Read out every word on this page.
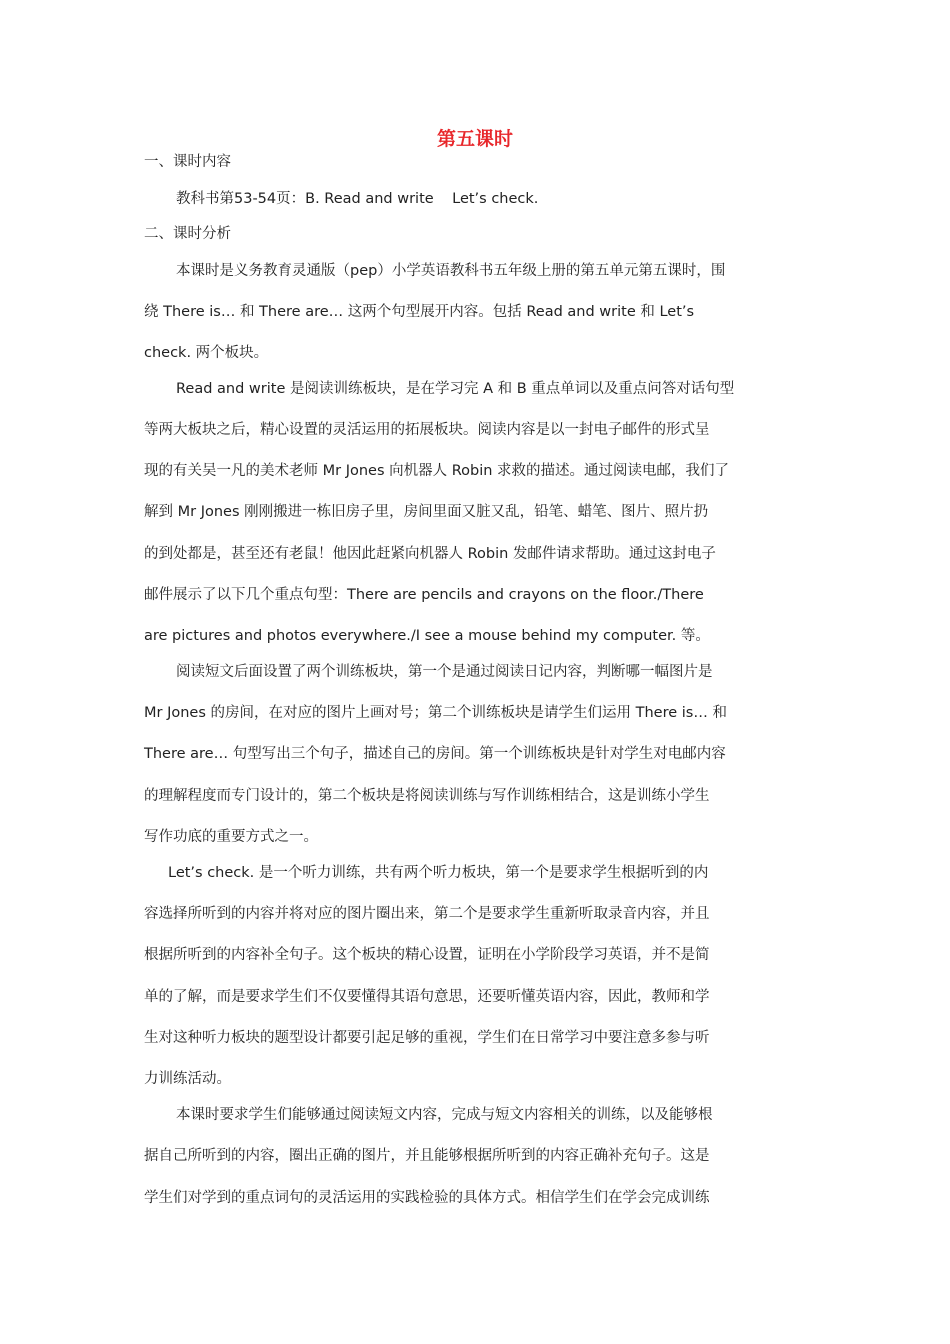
第五课时
一、课时内容
教科书第53-54页：B. Read and write    Let’s check.
二、课时分析
本课时是义务教育灵通版（pep）小学英语教科书五年级上册的第五单元第五课时，围
绕 There is… 和 There are… 这两个句型展开内容。包括 Read and write 和 Let’s
check. 两个板块。
Read and write 是阅读训练板块，是在学习完 A 和 B 重点单词以及重点问答对话句型
等两大板块之后，精心设置的灵活运用的拓展板块。阅读内容是以一封电子邮件的形式呈
现的有关吴一凡的美术老师 Mr Jones 向机器人 Robin 求救的描述。通过阅读电邮，我们了
解到 Mr Jones 刚刚搬进一栋旧房子里，房间里面又脏又乱，铅笔、蜡笔、图片、照片扔
的到处都是，甚至还有老鼠！他因此赶紧向机器人 Robin 发邮件请求帮助。通过这封电子
邮件展示了以下几个重点句型：There are pencils and crayons on the floor./There
are pictures and photos everywhere./I see a mouse behind my computer. 等。
阅读短文后面设置了两个训练板块，第一个是通过阅读日记内容，判断哪一幅图片是
Mr Jones 的房间，在对应的图片上画对号；第二个训练板块是请学生们运用 There is… 和
There are… 句型写出三个句子，描述自己的房间。第一个训练板块是针对学生对电邮内容
的理解程度而专门设计的，第二个板块是将阅读训练与写作训练相结合，这是训练小学生
写作功底的重要方式之一。
Let’s check. 是一个听力训练，共有两个听力板块，第一个是要求学生根据听到的内
容选择所听到的内容并将对应的图片圈出来，第二个是要求学生重新听取录音内容，并且
根据所听到的内容补全句子。这个板块的精心设置，证明在小学阶段学习英语，并不是简
单的了解，而是要求学生们不仅要懂得其语句意思，还要听懂英语内容，因此，教师和学
生对这种听力板块的题型设计都要引起足够的重视，学生们在日常学习中要注意多参与听
力训练活动。
本课时要求学生们能够通过阅读短文内容，完成与短文内容相关的训练，以及能够根
据自己所听到的内容，圈出正确的图片，并且能够根据所听到的内容正确补充句子。这是
学生们对学到的重点词句的灵活运用的实践检验的具体方式。相信学生们在学会完成训练
